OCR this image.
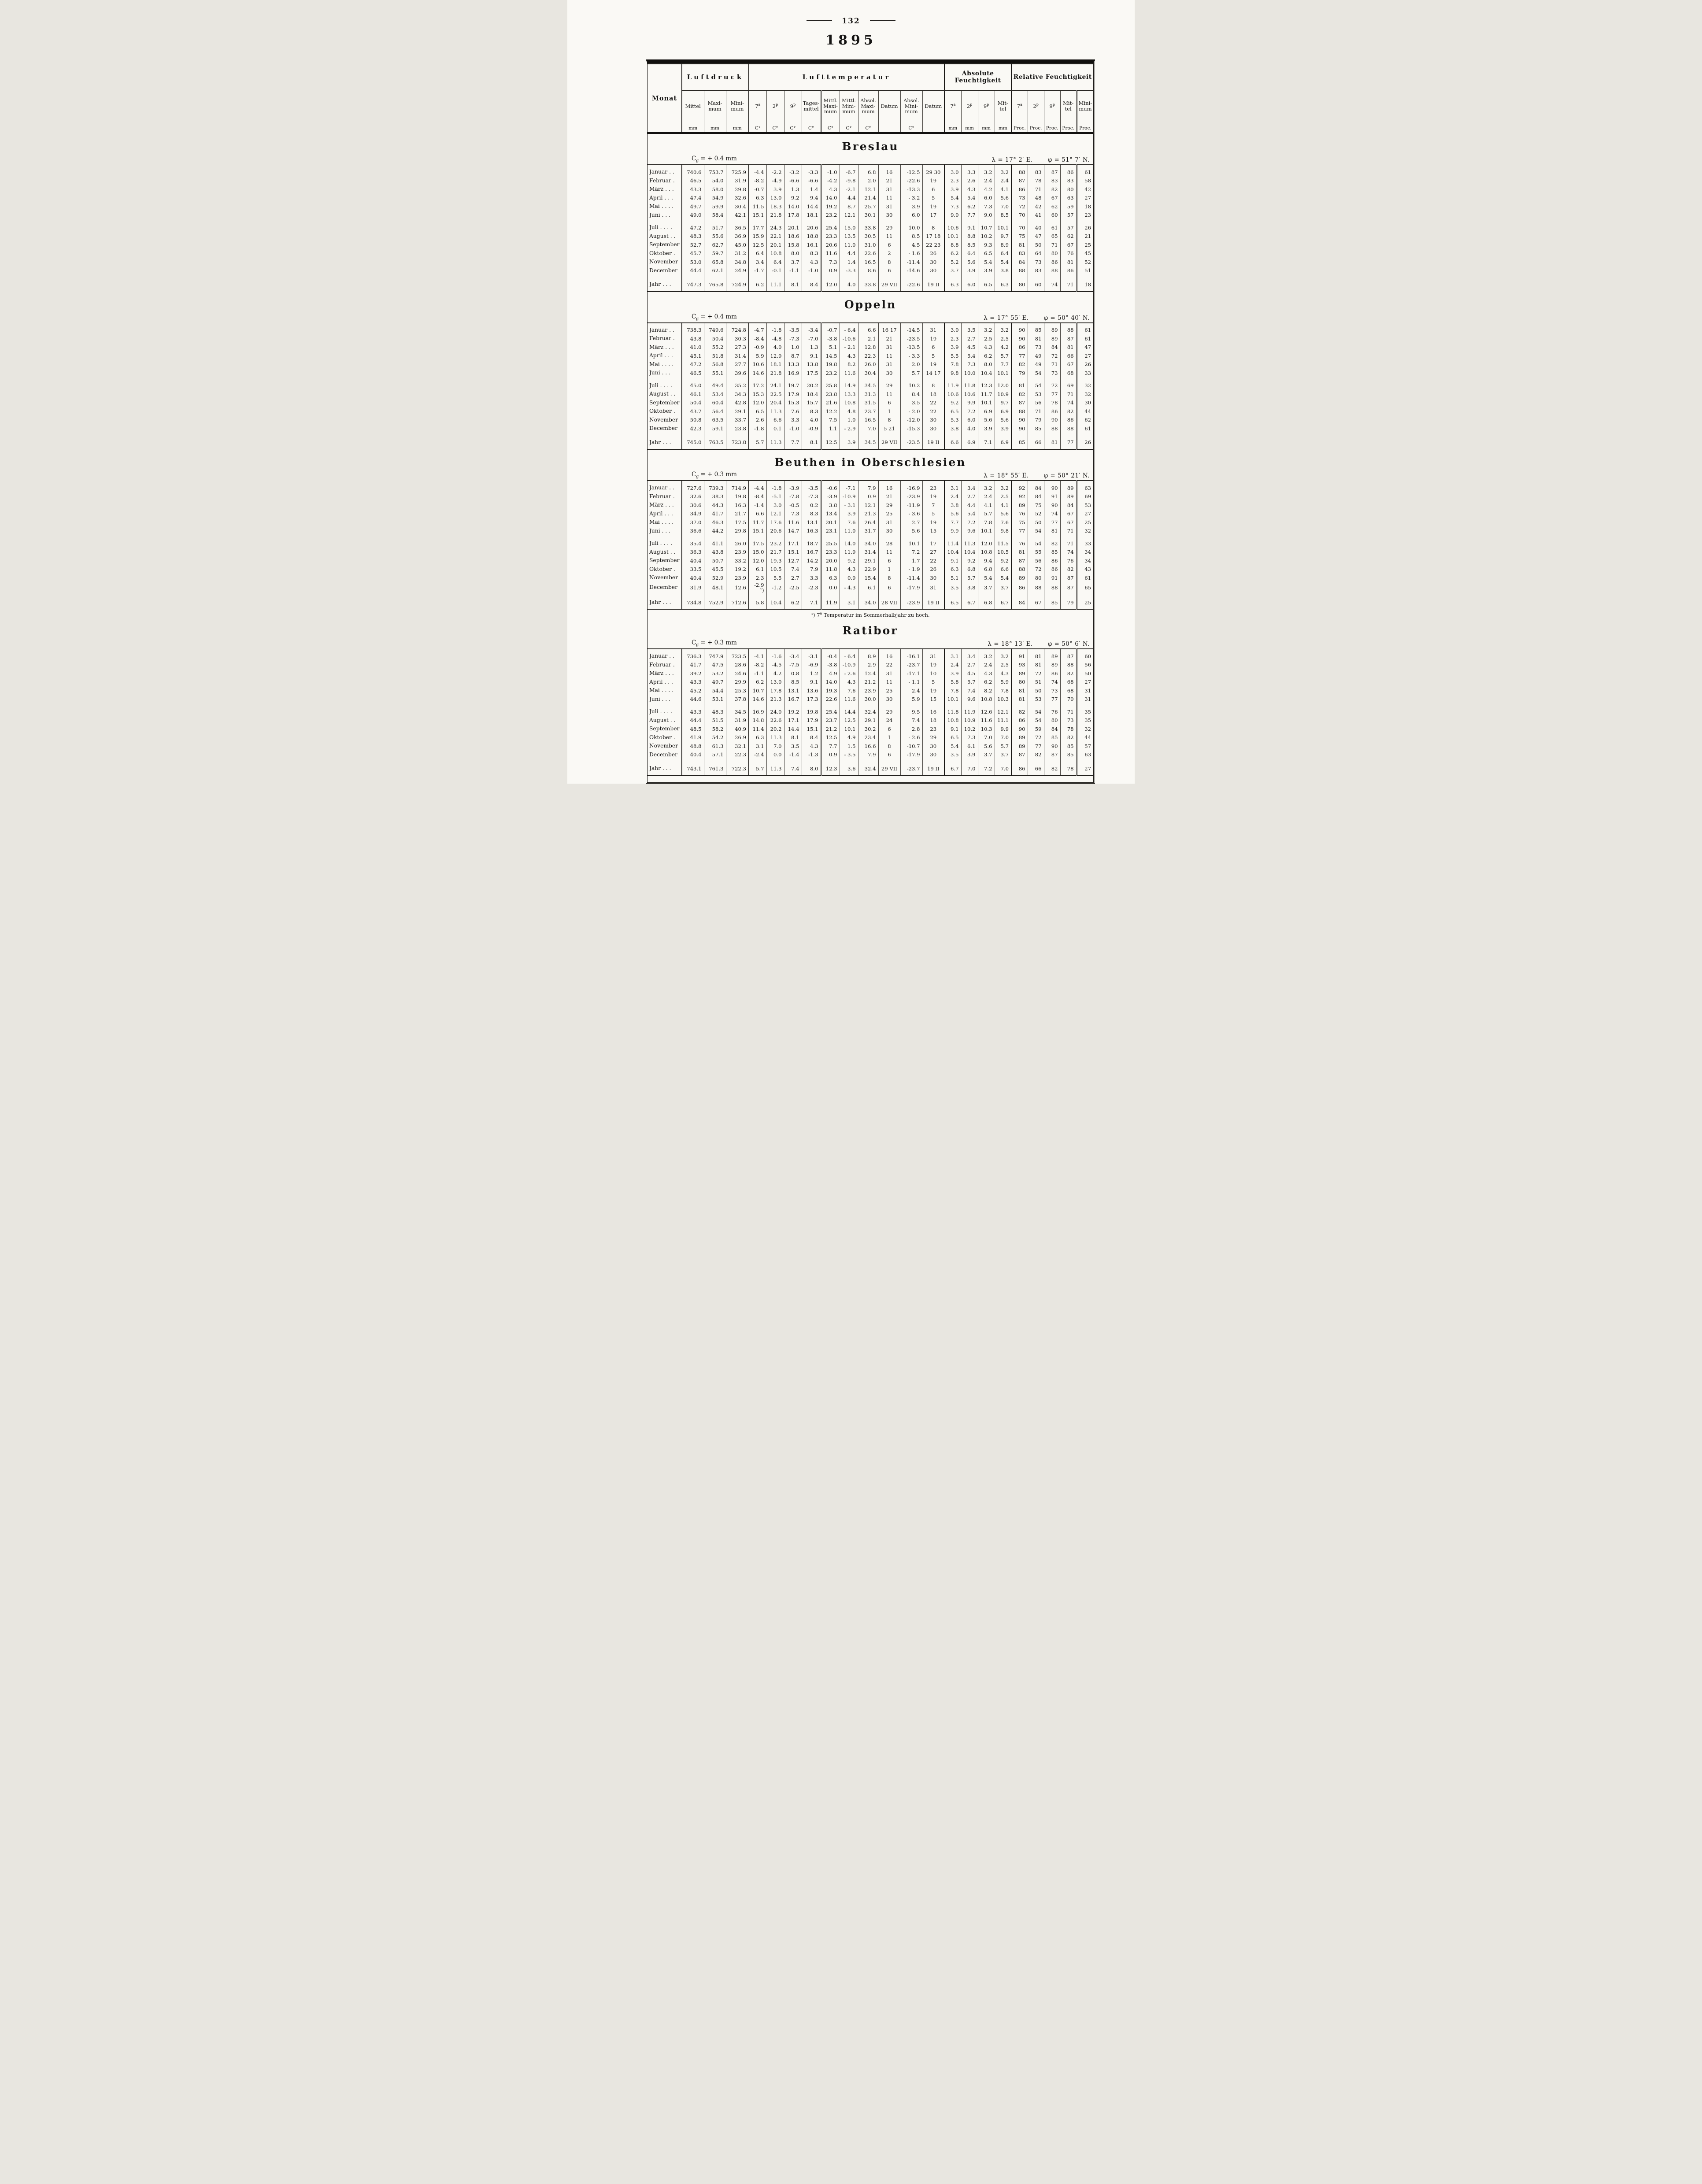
132
1895
Monat	Luftdruck			Lufttemperatur										Absolute Feuchtigkeit				Relative Feuchtigkeit				
	Mittel	Maxi-mum	Mini-mum	7$^a$	2$^p$	9$^p$	Tages-mittel	Mittl. Maxi-mum	Mittl. Mini-mum	Absol. Maxi-mum	Datum	Absol. Mini-mum	Datum	7$^a$	2$^p$	9$^p$	Mit-tel	7$^a$	2$^p$	9$^p$	Mit-tel	Mini-mum
	mm	mm	mm	C°	C°	C°	C°	C°	C°	C°		C°		mm	mm	mm	mm	Proc.	Proc.	Proc.	Proc.	Proc.
Breslau
$C_g$ = + 0.4 mm	λ = 17° 2′ E.	φ = 51° 7′ N.
Januar . .	740.6	753.7	725.9	-4.4	-2.2	-3.2	-3.3	-1.0	-6.7	6.8	16	-12.5	29 30	3.0	3.3	3.2	3.2	88	83	87	86	61
Februar .	46.5	54.0	31.9	-8.2	-4.9	-6.6	-6.6	-4.2	-9.8	2.0	21	-22.6	19	2.3	2.6	2.4	2.4	87	78	83	83	58
März . . .	43.3	58.0	29.8	-0.7	3.9	1.3	1.4	4.3	-2.1	12.1	31	-13.3	6	3.9	4.3	4.2	4.1	86	71	82	80	42
April . . .	47.4	54.9	32.6	6.3	13.0	9.2	9.4	14.0	4.4	21.4	11	- 3.2	5	5.4	5.4	6.0	5.6	73	48	67	63	27
Mai . . . .	49.7	59.9	30.4	11.5	18.3	14.0	14.4	19.2	8.7	25.7	31	3.9	19	7.3	6.2	7.3	7.0	72	42	62	59	18
Juni . . .	49.0	58.4	42.1	15.1	21.8	17.8	18.1	23.2	12.1	30.1	30	6.0	17	9.0	7.7	9.0	8.5	70	41	60	57	23
Juli . . . .	47.2	51.7	36.5	17.7	24.3	20.1	20.6	25.4	15.0	33.8	29	10.0	8	10.6	9.1	10.7	10.1	70	40	61	57	26
August . .	48.3	55.6	36.9	15.9	22.1	18.6	18.8	23.3	13.5	30.5	11	8.5	17 18	10.1	8.8	10.2	9.7	75	47	65	62	21
September	52.7	62.7	45.0	12.5	20.1	15.8	16.1	20.6	11.0	31.0	6	4.5	22 23	8.8	8.5	9.3	8.9	81	50	71	67	25
Oktober .	45.7	59.7	31.2	6.4	10.8	8.0	8.3	11.6	4.4	22.6	2	- 1.6	26	6.2	6.4	6.5	6.4	83	64	80	76	45
November	53.0	65.8	34.8	3.4	6.4	3.7	4.3	7.3	1.4	16.5	8	-11.4	30	5.2	5.6	5.4	5.4	84	73	86	81	52
December	44.4	62.1	24.9	-1.7	-0.1	-1.1	-1.0	0.9	-3.3	8.6	6	-14.6	30	3.7	3.9	3.9	3.8	88	83	88	86	51
Jahr . . .	747.3	765.8	724.9	6.2	11.1	8.1	8.4	12.0	4.0	33.8	29 VII	-22.6	19 II	6.3	6.0	6.5	6.3	80	60	74	71	18
Oppeln
$C_g$ = + 0.4 mm	λ = 17° 55′ E.	φ = 50° 40′ N.
Januar . .	738.3	749.6	724.8	-4.7	-1.8	-3.5	-3.4	-0.7	- 6.4	6.6	16 17	-14.5	31	3.0	3.5	3.2	3.2	90	85	89	88	61
Februar .	43.8	50.4	30.3	-8.4	-4.8	-7.3	-7.0	-3.8	-10.6	2.1	21	-23.5	19	2.3	2.7	2.5	2.5	90	81	89	87	61
März . . .	41.0	55.2	27.3	-0.9	4.0	1.0	1.3	5.1	- 2.1	12.8	31	-13.5	6	3.9	4.5	4.3	4.2	86	73	84	81	47
April . . .	45.1	51.8	31.4	5.9	12.9	8.7	9.1	14.5	4.3	22.3	11	- 3.3	5	5.5	5.4	6.2	5.7	77	49	72	66	27
Mai . . . .	47.2	56.8	27.7	10.6	18.1	13.3	13.8	19.8	8.2	26.0	31	2.0	19	7.8	7.3	8.0	7.7	82	49	71	67	26
Juni . . .	46.5	55.1	39.6	14.6	21.8	16.9	17.5	23.2	11.6	30.4	30	5.7	14 17	9.8	10.0	10.4	10.1	79	54	73	68	33
Juli . . . .	45.0	49.4	35.2	17.2	24.1	19.7	20.2	25.8	14.9	34.5	29	10.2	8	11.9	11.8	12.3	12.0	81	54	72	69	32
August . .	46.1	53.4	34.3	15.3	22.5	17.9	18.4	23.8	13.3	31.3	11	8.4	18	10.6	10.6	11.7	10.9	82	53	77	71	32
September	50.4	60.4	42.8	12.0	20.4	15.3	15.7	21.6	10.8	31.5	6	3.5	22	9.2	9.9	10.1	9.7	87	56	78	74	30
Oktober .	43.7	56.4	29.1	6.5	11.3	7.6	8.3	12.2	4.8	23.7	1	- 2.0	22	6.5	7.2	6.9	6.9	88	71	86	82	44
November	50.8	63.5	33.7	2.6	6.6	3.3	4.0	7.5	1.0	16.5	8	-12.0	30	5.3	6.0	5.6	5.6	90	79	90	86	62
December	42.3	59.1	23.8	-1.8	0.1	-1.0	-0.9	1.1	- 2.9	7.0	5 21	-15.3	30	3.8	4.0	3.9	3.9	90	85	88	88	61
Jahr . . .	745.0	763.5	723.8	5.7	11.3	7.7	8.1	12.5	3.9	34.5	29 VII	-23.5	19 II	6.6	6.9	7.1	6.9	85	66	81	77	26
Beuthen in Oberschlesien
$C_g$ = + 0.3 mm	λ = 18° 55′ E.	φ = 50° 21′ N.
Januar . .	727.6	739.3	714.9	-4.4	-1.8	-3.9	-3.5	-0.6	-7.1	7.9	16	-16.9	23	3.1	3.4	3.2	3.2	92	84	90	89	63
Februar .	32.6	38.3	19.8	-8.4	-5.1	-7.8	-7.3	-3.9	-10.9	0.9	21	-23.9	19	2.4	2.7	2.4	2.5	92	84	91	89	69
März . . .	30.6	44.3	16.3	-1.4	3.0	-0.5	0.2	3.8	- 3.1	12.1	29	-11.9	7	3.8	4.4	4.1	4.1	89	75	90	84	53
April . . .	34.9	41.7	21.7	6.6	12.1	7.3	8.3	13.4	3.9	21.3	25	- 3.6	5	5.6	5.4	5.7	5.6	76	52	74	67	27
Mai . . . .	37.0	46.3	17.5	11.7	17.6	11.6	13.1	20.1	7.6	26.4	31	2.7	19	7.7	7.2	7.8	7.6	75	50	77	67	25
Juni . . .	36.6	44.2	29.8	15.1	20.6	14.7	16.3	23.1	11.0	31.7	30	5.6	15	9.9	9.6	10.1	9.8	77	54	81	71	32
Juli . . . .	35.4	41.1	26.0	17.5	23.2	17.1	18.7	25.5	14.0	34.0	28	10.1	17	11.4	11.3	12.0	11.5	76	54	82	71	33
August . .	36.3	43.8	23.9	15.0	21.7	15.1	16.7	23.3	11.9	31.4	11	7.2	27	10.4	10.4	10.8	10.5	81	55	85	74	34
September	40.4	50.7	33.2	12.0	19.3	12.7	14.2	20.0	9.2	29.1	6	1.7	22	9.1	9.2	9.4	9.2	87	56	86	76	34
Oktober .	33.5	45.5	19.2	6.1	10.5	7.4	7.9	11.8	4.3	22.9	1	- 1.9	26	6.3	6.8	6.8	6.6	88	72	86	82	43
November	40.4	52.9	23.9	2.3	5.5	2.7	3.3	6.3	0.9	15.4	8	-11.4	30	5.1	5.7	5.4	5.4	89	80	91	87	61
December	31.9	48.1	12.6	-2.9 ¹)	-1.2	-2.5	-2.3	0.0	- 4.3	6.1	6	-17.9	31	3.5	3.8	3.7	3.7	86	88	88	87	65
Jahr . . .	734.8	752.9	712.6	5.8	10.4	6.2	7.1	11.9	3.1	34.0	28 VII	-23.9	19 II	6.5	6.7	6.8	6.7	84	67	85	79	25

¹) 7$^a$ Temperatur im Sommerhalbjahr zu hoch.

Ratibor
$C_g$ = + 0.3 mm	λ = 18° 13′ E.	φ = 50° 6′ N.
Januar . .	736.3	747.9	723.5	-4.1	-1.6	-3.4	-3.1	-0.4	- 6.4	8.9	16	-16.1	31	3.1	3.4	3.2	3.2	91	81	89	87	60
Februar .	41.7	47.5	28.6	-8.2	-4.5	-7.5	-6.9	-3.8	-10.9	2.9	22	-23.7	19	2.4	2.7	2.4	2.5	93	81	89	88	56
März . . .	39.2	53.2	24.6	-1.1	4.2	0.8	1.2	4.9	- 2.6	12.4	31	-17.1	10	3.9	4.5	4.3	4.3	89	72	86	82	50
April . . .	43.3	49.7	29.9	6.2	13.0	8.5	9.1	14.0	4.3	21.2	11	- 1.1	5	5.8	5.7	6.2	5.9	80	51	74	68	27
Mai . . . .	45.2	54.4	25.3	10.7	17.8	13.1	13.6	19.3	7.6	23.9	25	2.4	19	7.8	7.4	8.2	7.8	81	50	73	68	31
Juni . . .	44.6	53.1	37.8	14.6	21.3	16.7	17.3	22.6	11.6	30.0	30	5.9	15	10.1	9.6	10.8	10.3	81	53	77	70	31
Juli . . . .	43.3	48.3	34.5	16.9	24.0	19.2	19.8	25.4	14.4	32.4	29	9.5	16	11.8	11.9	12.6	12.1	82	54	76	71	35
August . .	44.4	51.5	31.9	14.8	22.6	17.1	17.9	23.7	12.5	29.1	24	7.4	18	10.8	10.9	11.6	11.1	86	54	80	73	35
September	48.5	58.2	40.9	11.4	20.2	14.4	15.1	21.2	10.1	30.2	6	2.8	23	9.1	10.2	10.3	9.9	90	59	84	78	32
Oktober .	41.9	54.2	26.9	6.3	11.3	8.1	8.4	12.5	4.9	23.4	1	- 2.6	29	6.5	7.3	7.0	7.0	89	72	85	82	44
November	48.8	61.3	32.1	3.1	7.0	3.5	4.3	7.7	1.5	16.6	8	-10.7	30	5.4	6.1	5.6	5.7	89	77	90	85	57
December	40.4	57.1	22.3	-2.4	0.0	-1.4	-1.3	0.9	- 3.5	7.9	6	-17.9	30	3.5	3.9	3.7	3.7	87	82	87	85	63
Jahr . . .	743.1	761.3	722.3	5.7	11.3	7.4	8.0	12.3	3.6	32.4	29 VII	-23.7	19 II	6.7	7.0	7.2	7.0	86	66	82	78	27
